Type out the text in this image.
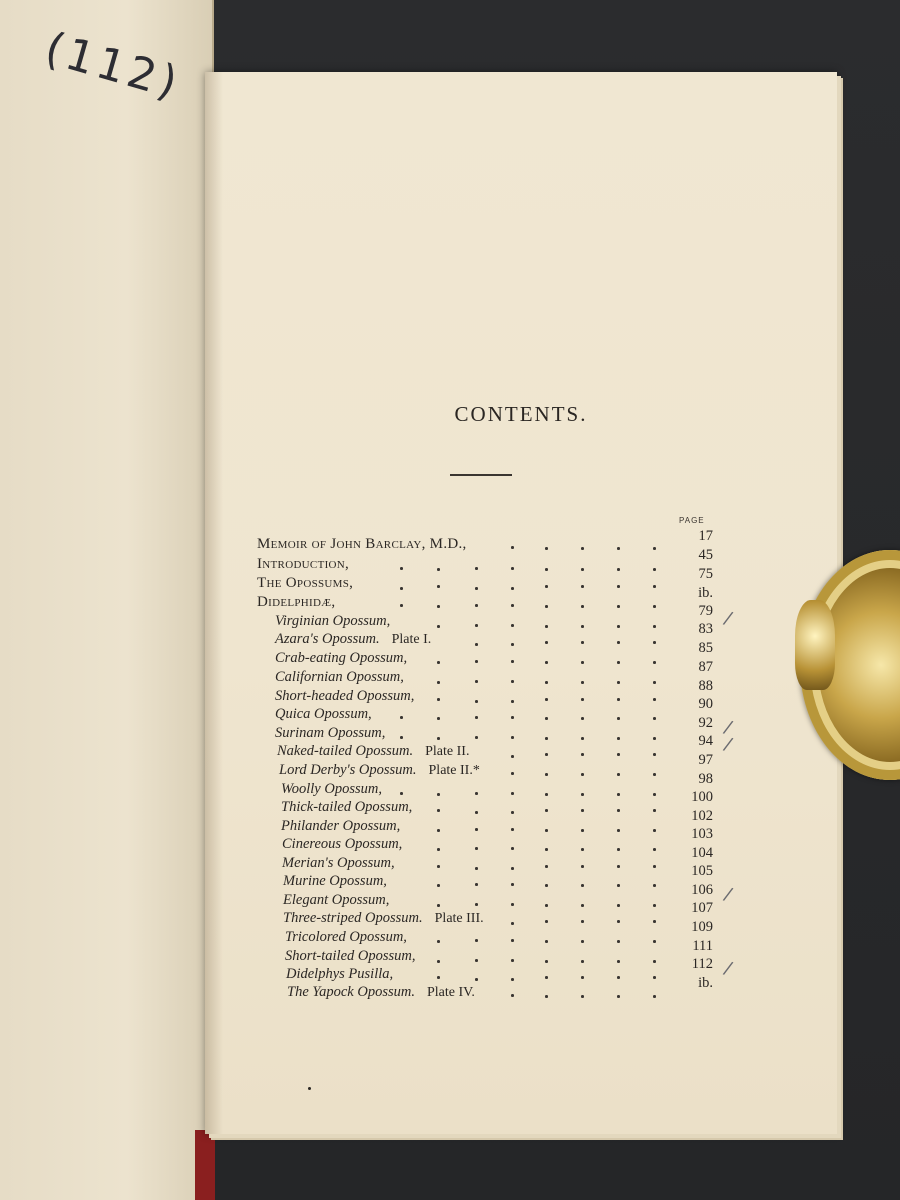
(112)
CONTENTS.
PAGE
Memoir of John Barclay, M.D.,
Introduction,
The Opossums,
Didelphidæ,
Virginian Opossum,
Azara's Opossum. Plate I.
Crab-eating Opossum,
Californian Opossum,
Short-headed Opossum,
Quica Opossum,
Surinam Opossum,
Naked-tailed Opossum. Plate II.
Lord Derby's Opossum. Plate II.*
Woolly Opossum,
Thick-tailed Opossum,
Philander Opossum,
Cinereous Opossum,
Merian's Opossum,
Murine Opossum,
Elegant Opossum,
Three-striped Opossum. Plate III.
Tricolored Opossum,
Short-tailed Opossum,
Didelphys Pusilla,
The Yapock Opossum. Plate IV.
17
45
75
ib.
79
83
85
87
88
90
92
94
97
98
100
102
103
104
105
106
107
109
111
112
ib.
/
/
/
/
/
